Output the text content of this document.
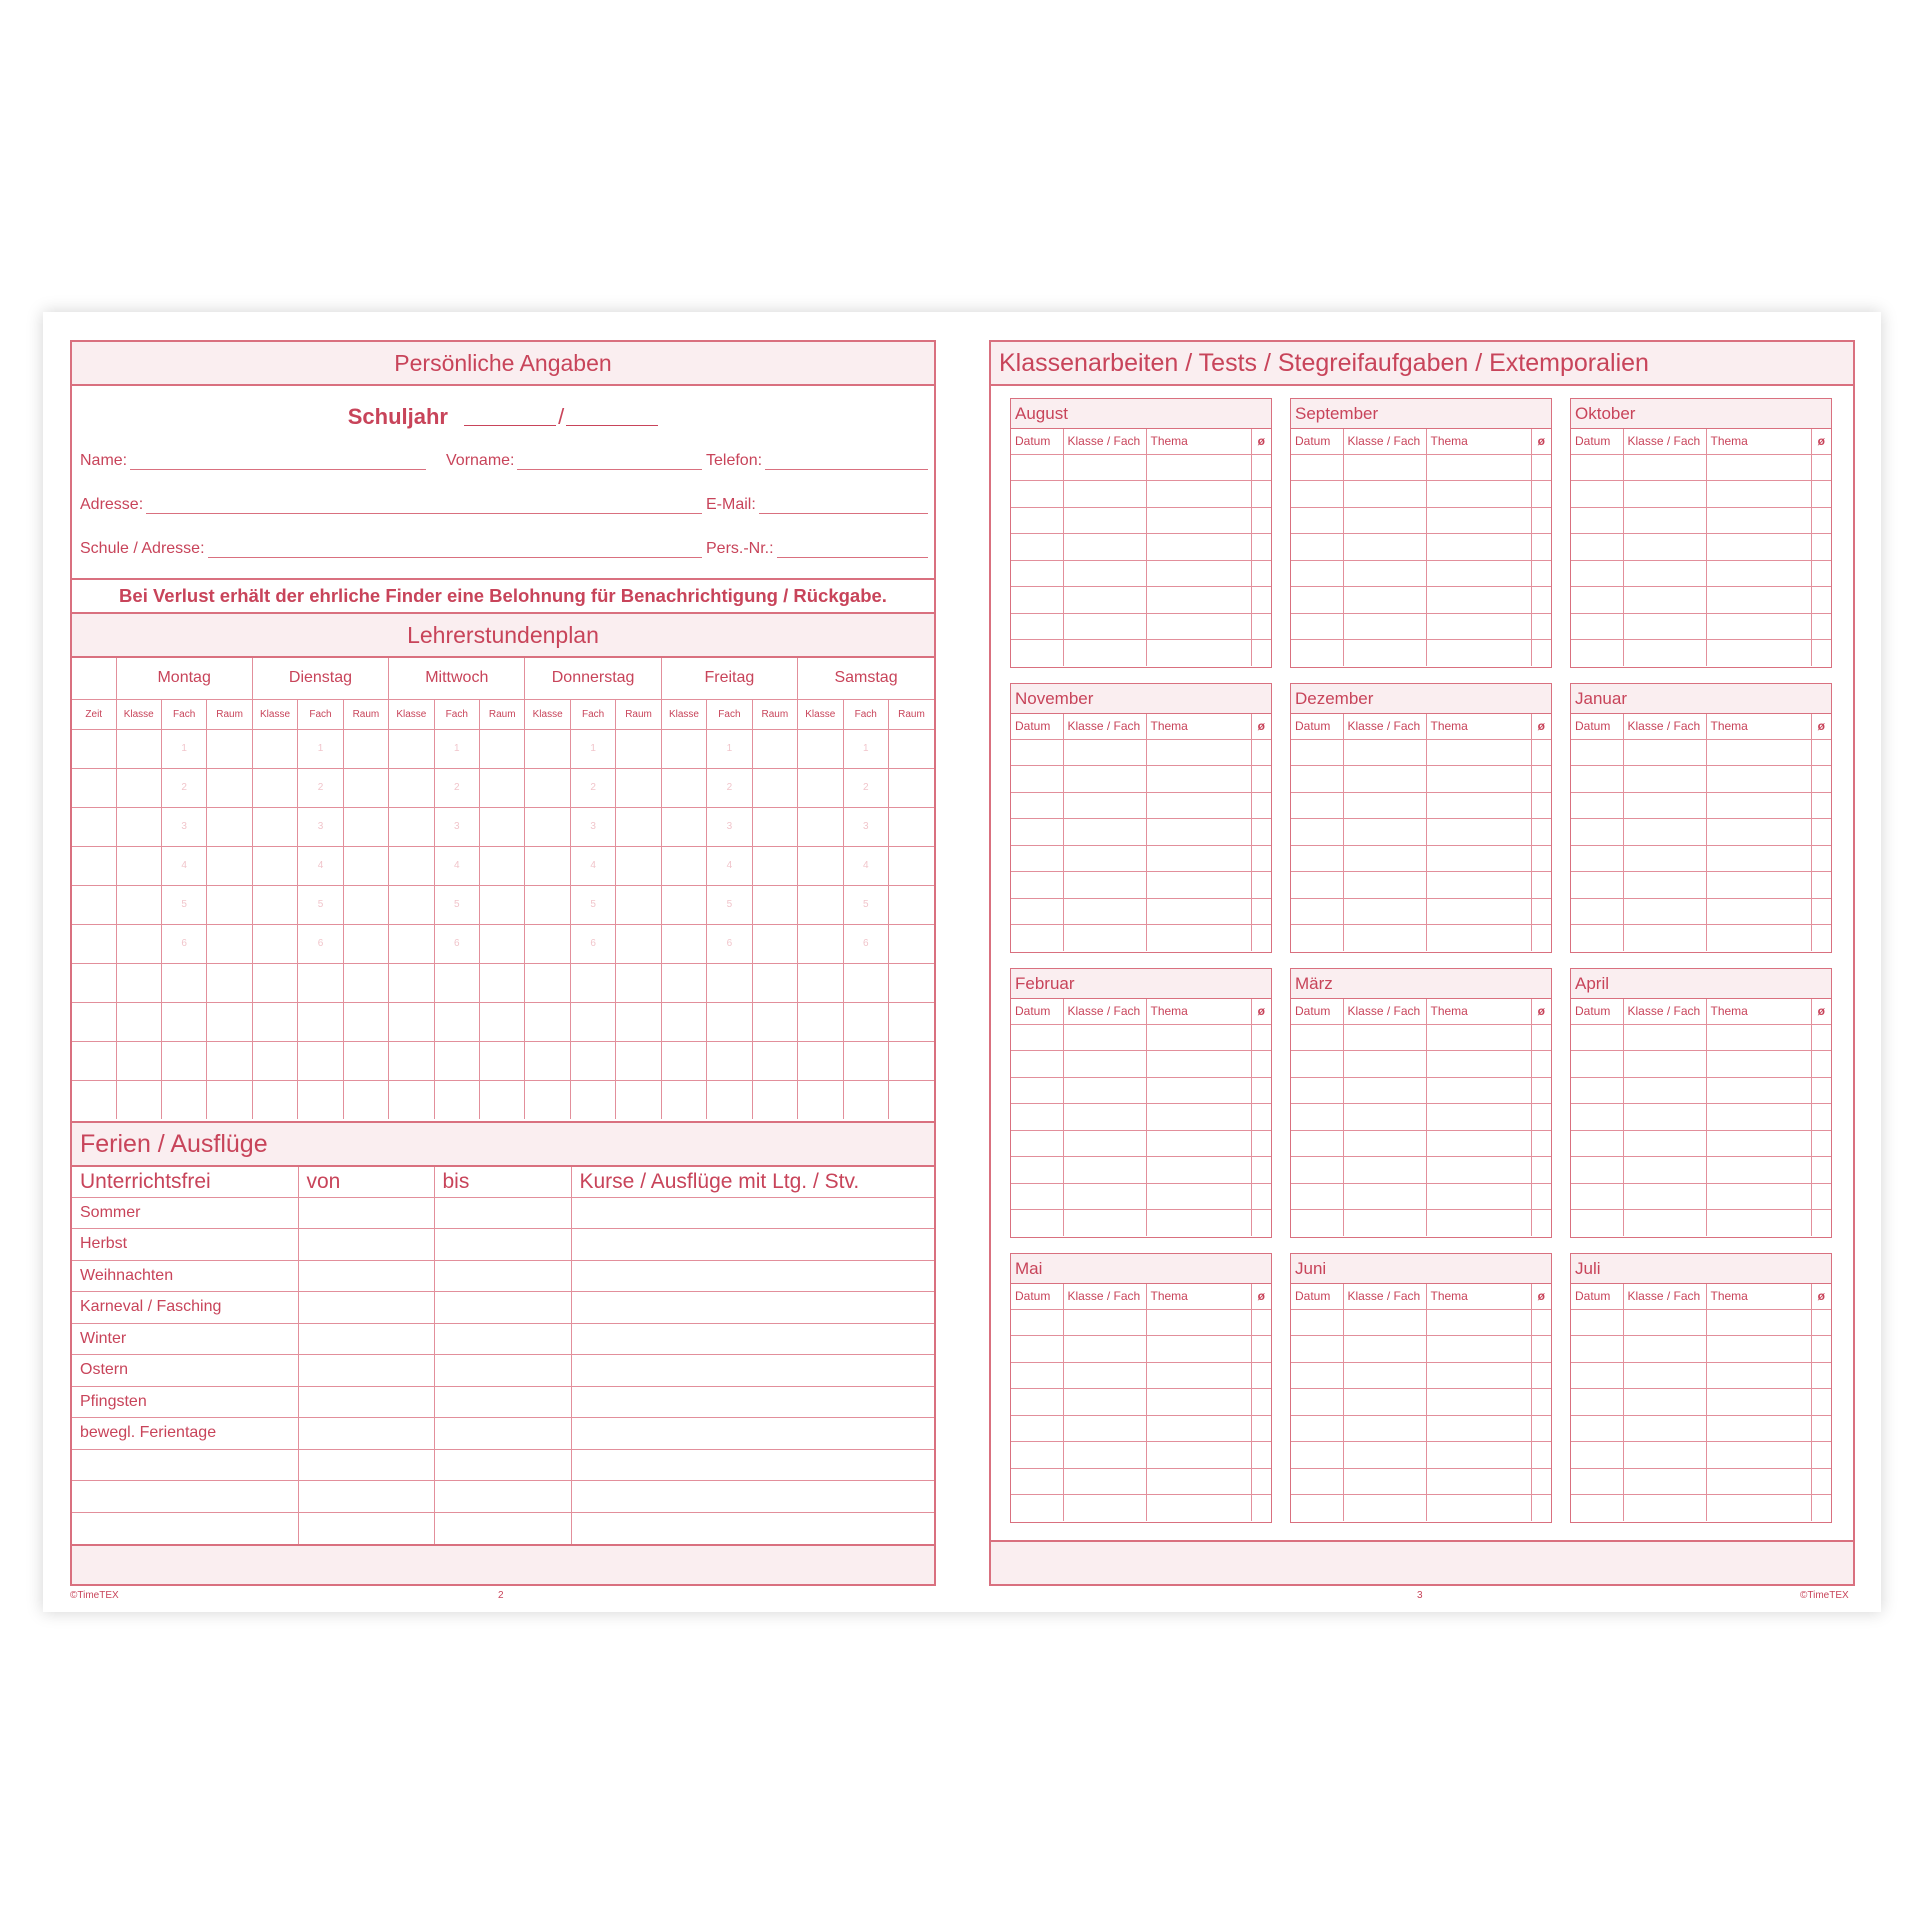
Persönliche Angaben
Schuljahr	/
Name:	Vorname:	Telefon:
Adresse:	E-Mail:
Schule / Adresse:	Pers.-Nr.:
Bei Verlust erhält der ehrliche Finder eine Belohnung für Benachrichtigung / Rückgabe.
Lehrerstundenplan
	Montag			Dienstag			Mittwoch			Donnerstag			Freitag			Samstag		
Zeit	Klasse	Fach	Raum	Klasse	Fach	Raum	Klasse	Fach	Raum	Klasse	Fach	Raum	Klasse	Fach	Raum	Klasse	Fach	Raum
		1			1			1			1			1			1	
		2			2			2			2			2			2	
		3			3			3			3			3			3	
		4			4			4			4			4			4	
		5			5			5			5			5			5	
		6			6			6			6			6			6	

Ferien / Ausflüge
Unterrichtsfrei	von	bis	Kurse / Ausflüge mit Ltg. / Stv.
Sommer			
Herbst			
Weihnachten			
Karneval / Fasching			
Winter			
Ostern			
Pfingsten			
bewegl. Ferientage			

©TimeTEX	2
Klassenarbeiten / Tests / Stegreifaufgaben / Extemporalien
August
Datum	Klasse / Fach	Thema	ø

September
Datum	Klasse / Fach	Thema	ø

Oktober
Datum	Klasse / Fach	Thema	ø

November
Datum	Klasse / Fach	Thema	ø

Dezember
Datum	Klasse / Fach	Thema	ø

Januar
Datum	Klasse / Fach	Thema	ø

Februar
Datum	Klasse / Fach	Thema	ø

März
Datum	Klasse / Fach	Thema	ø

April
Datum	Klasse / Fach	Thema	ø

Mai
Datum	Klasse / Fach	Thema	ø

Juni
Datum	Klasse / Fach	Thema	ø

Juli
Datum	Klasse / Fach	Thema	ø

3	©TimeTEX
